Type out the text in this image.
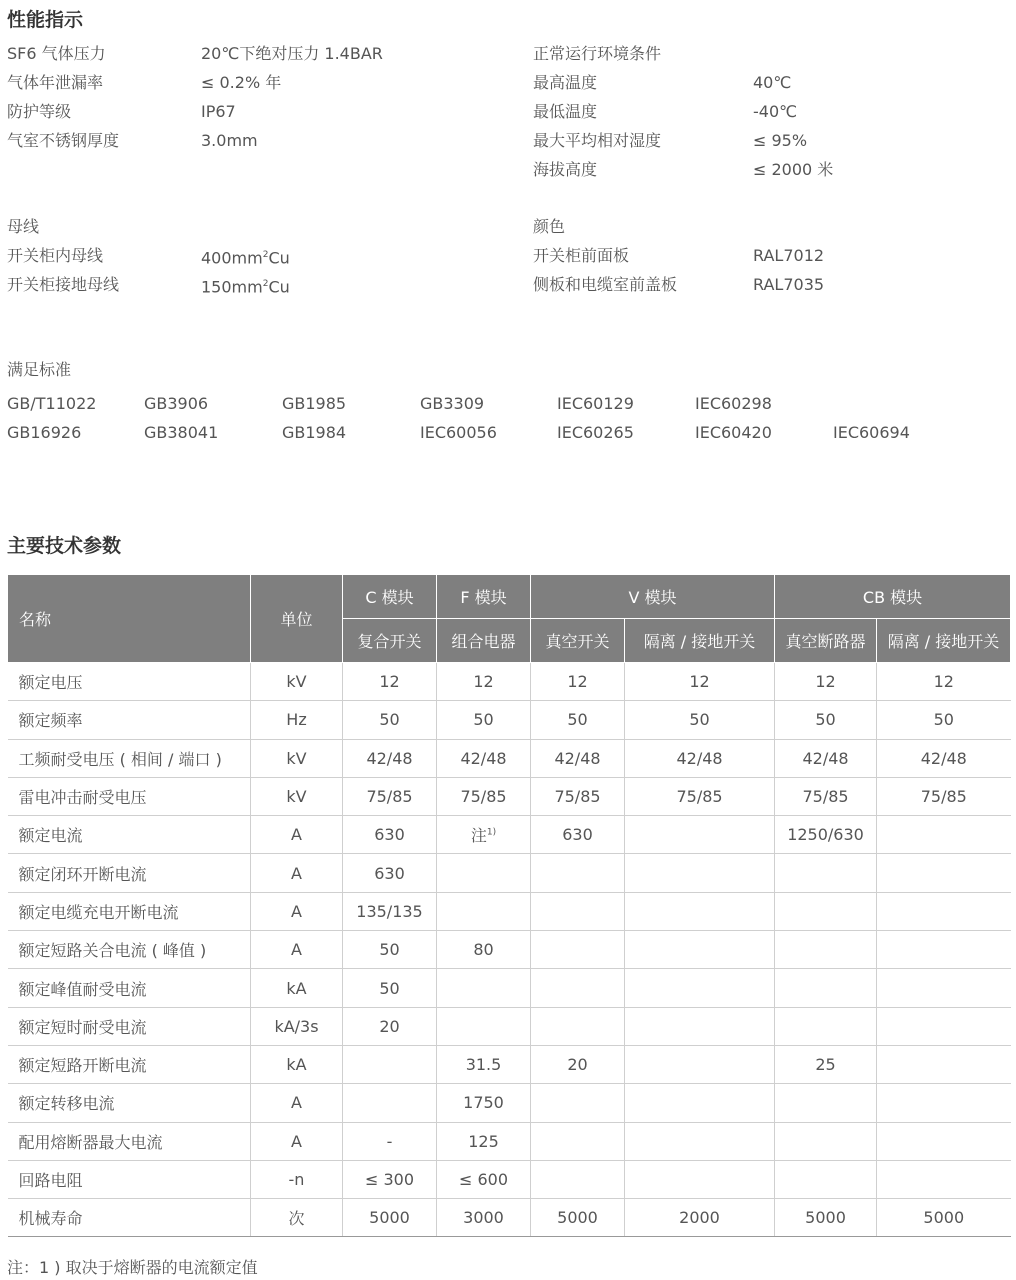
性能指示
SF6 气体压力	20℃下绝对压力 1.4BAR
气体年泄漏率	≤ 0.2% 年
防护等级	IP67
气室不锈钢厚度	3.0mm
正常运行环境条件
最高温度	40℃
最低温度	-40℃
最大平均相对湿度	≤ 95%
海拔高度	≤ 2000 米
母线
开关柜内母线	$400mm^2Cu$
开关柜接地母线	$150mm^2Cu$
颜色
开关柜前面板	RAL7012
侧板和电缆室前盖板	RAL7035
满足标准
GB/T11022	GB3906	GB1985	GB3309	IEC60129	IEC60298
GB16926	GB38041	GB1984	IEC60056	IEC60265	IEC60420	IEC60694
主要技术参数
名称	单位	C 模块	F 模块	V 模块		CB 模块	
		复合开关	组合电器	真空开关	隔离 / 接地开关	真空断路器	隔离 / 接地开关
额定电压	kV	12	12	12	12	12	12
额定频率	Hz	50	50	50	50	50	50
工频耐受电压 ( 相间 / 端口 )	kV	42/48	42/48	42/48	42/48	42/48	42/48
雷电冲击耐受电压	kV	75/85	75/85	75/85	75/85	75/85	75/85
额定电流	A	630	注$^{1)}$	630		1250/630	
额定闭环开断电流	A	630					
额定电缆充电开断电流	A	135/135					
额定短路关合电流 ( 峰值 )	A	50	80				
额定峰值耐受电流	kA	50					
额定短时耐受电流	kA/3s	20					
额定短路开断电流	kA		31.5	20		25	
额定转移电流	A		1750				
配用熔断器最大电流	A	-	125				
回路电阻	-n	≤ 300	≤ 600				
机械寿命	次	5000	3000	5000	2000	5000	5000
注：1 ) 取决于熔断器的电流额定值
